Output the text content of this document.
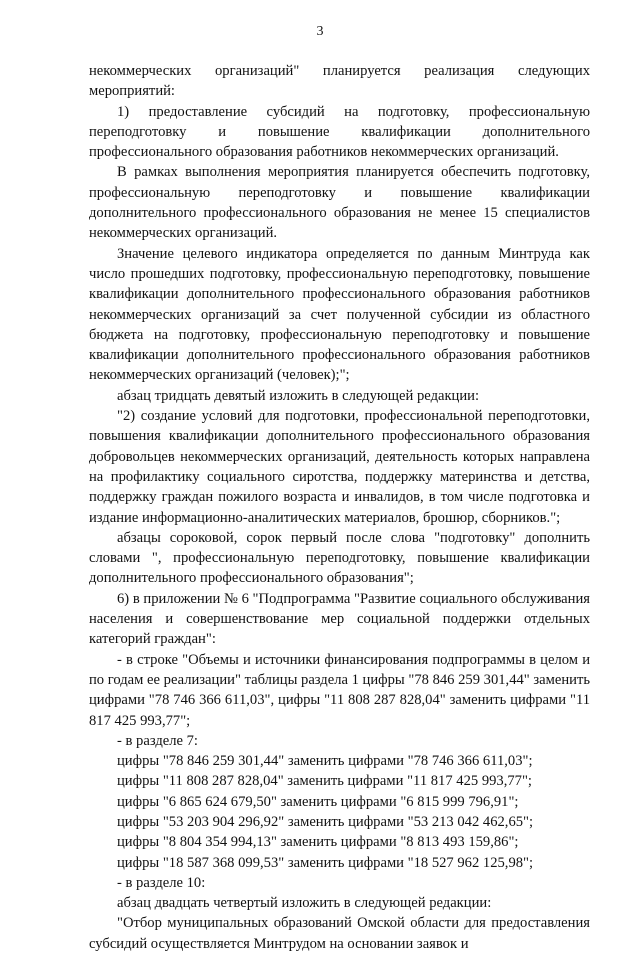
3

некоммерческих организаций" планируется реализация следующих мероприятий:

1) предоставление субсидий на подготовку, профессиональную переподготовку и повышение квалификации дополнительного профессионального образования работников некоммерческих организаций.

В рамках выполнения мероприятия планируется обеспечить подготовку, профессиональную переподготовку и повышение квалификации дополнительного профессионального образования не менее 15 специалистов некоммерческих организаций.

Значение целевого индикатора определяется по данным Минтруда как число прошедших подготовку, профессиональную переподготовку, повышение квалификации дополнительного профессионального образования работников некоммерческих организаций за счет полученной субсидии из областного бюджета на подготовку, профессиональную переподготовку и повышение квалификации дополнительного профессионального образования работников некоммерческих организаций (человек);";

абзац тридцать девятый изложить в следующей редакции:

"2) создание условий для подготовки, профессиональной переподготовки, повышения квалификации дополнительного профессионального образования добровольцев некоммерческих организаций, деятельность которых направлена на профилактику социального сиротства, поддержку материнства и детства, поддержку граждан пожилого возраста и инвалидов, в том числе подготовка и издание информационно-аналитических материалов, брошюр, сборников.";

абзацы сороковой, сорок первый после слова "подготовку" дополнить словами ", профессиональную переподготовку, повышение квалификации дополнительного профессионального образования";

6) в приложении № 6 "Подпрограмма "Развитие социального обслуживания населения и совершенствование мер социальной поддержки отдельных категорий граждан":

- в строке "Объемы и источники финансирования подпрограммы в целом и по годам ее реализации" таблицы раздела 1 цифры "78 846 259 301,44" заменить цифрами "78 746 366 611,03", цифры "11 808 287 828,04" заменить цифрами "11 817 425 993,77";

- в разделе 7:

цифры "78 846 259 301,44" заменить цифрами "78 746 366 611,03";

цифры "11 808 287 828,04" заменить цифрами "11 817 425 993,77";

цифры "6 865 624 679,50" заменить цифрами "6 815 999 796,91";

цифры "53 203 904 296,92" заменить цифрами "53 213 042 462,65";

цифры "8 804 354 994,13" заменить цифрами "8 813 493 159,86";

цифры "18 587 368 099,53" заменить цифрами "18 527 962 125,98";

- в разделе 10:

абзац двадцать четвертый изложить в следующей редакции:

"Отбор муниципальных образований Омской области для предоставления субсидий осуществляется Минтрудом на основании заявок и
